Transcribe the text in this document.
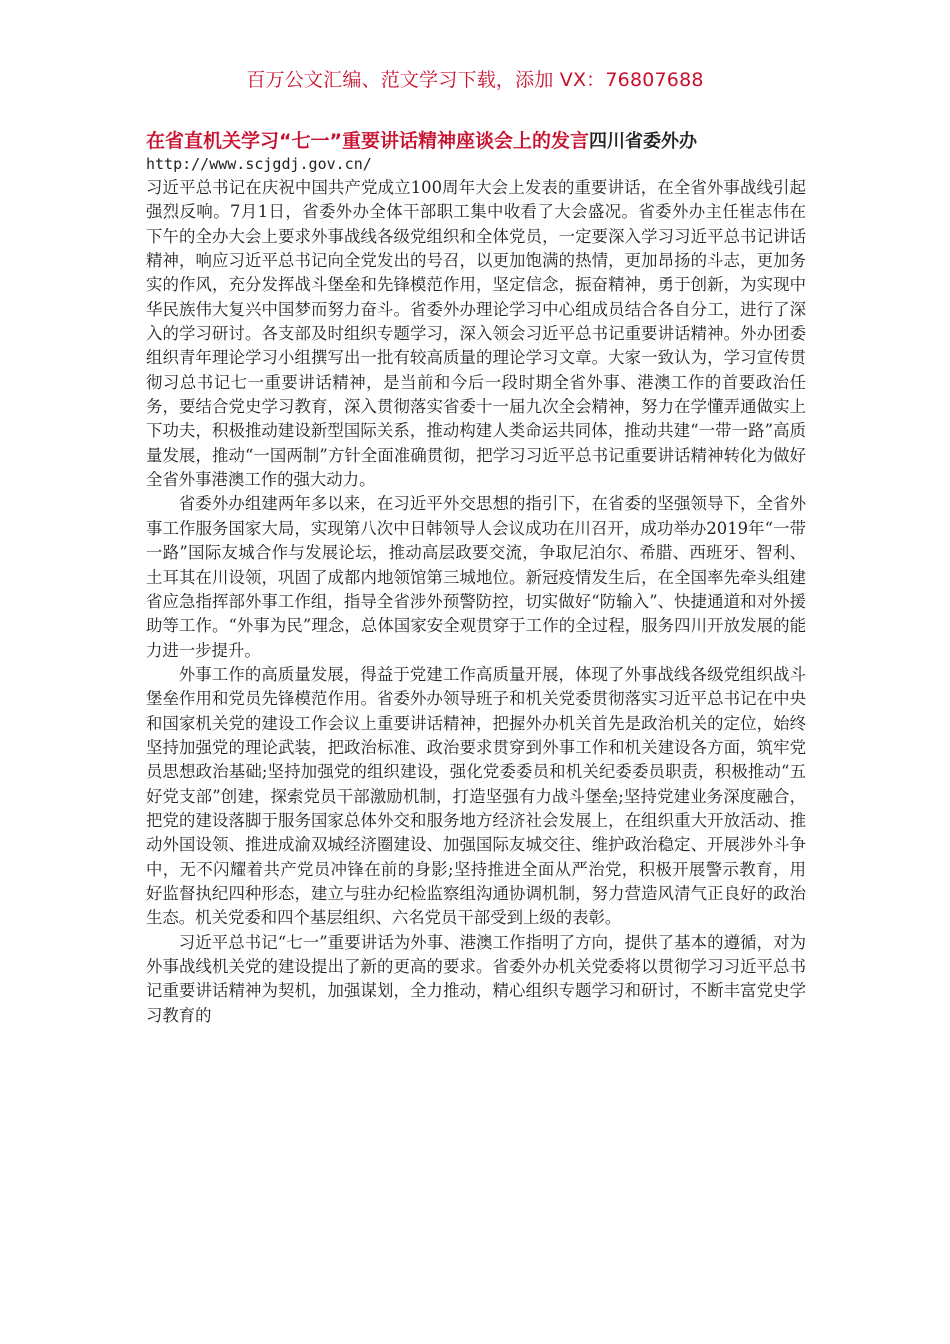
百万公文汇编、范文学习下载，添加 VX：76807688
在省直机关学习“七一”重要讲话精神座谈会上的发言四川省委外办
http://www.scjgdj.gov.cn/

习近平总书记在庆祝中国共产党成立100周年大会上发表的重要讲话，在全省外事战线引起强烈反响。7月1日，省委外办全体干部职工集中收看了大会盛况。省委外办主任崔志伟在下午的全办大会上要求外事战线各级党组织和全体党员，一定要深入学习习近平总书记讲话精神，响应习近平总书记向全党发出的号召，以更加饱满的热情，更加昂扬的斗志，更加务实的作风，充分发挥战斗堡垒和先锋模范作用，坚定信念，振奋精神，勇于创新，为实现中华民族伟大复兴中国梦而努力奋斗。省委外办理论学习中心组成员结合各自分工，进行了深入的学习研讨。各支部及时组织专题学习，深入领会习近平总书记重要讲话精神。外办团委组织青年理论学习小组撰写出一批有较高质量的理论学习文章。大家一致认为，学习宣传贯彻习总书记七一重要讲话精神，是当前和今后一段时期全省外事、港澳工作的首要政治任务，要结合党史学习教育，深入贯彻落实省委十一届九次全会精神，努力在学懂弄通做实上下功夫，积极推动建设新型国际关系，推动构建人类命运共同体，推动共建“一带一路”高质量发展，推动“一国两制”方针全面准确贯彻，把学习习近平总书记重要讲话精神转化为做好全省外事港澳工作的强大动力。

省委外办组建两年多以来，在习近平外交思想的指引下，在省委的坚强领导下，全省外事工作服务国家大局，实现第八次中日韩领导人会议成功在川召开，成功举办2019年“一带一路”国际友城合作与发展论坛，推动高层政要交流，争取尼泊尔、希腊、西班牙、智利、土耳其在川设领，巩固了成都内地领馆第三城地位。新冠疫情发生后，在全国率先牵头组建省应急指挥部外事工作组，指导全省涉外预警防控，切实做好“防输入”、快捷通道和对外援助等工作。“外事为民”理念，总体国家安全观贯穿于工作的全过程，服务四川开放发展的能力进一步提升。

外事工作的高质量发展，得益于党建工作高质量开展，体现了外事战线各级党组织战斗堡垒作用和党员先锋模范作用。省委外办领导班子和机关党委贯彻落实习近平总书记在中央和国家机关党的建设工作会议上重要讲话精神，把握外办机关首先是政治机关的定位，始终坚持加强党的理论武装，把政治标准、政治要求贯穿到外事工作和机关建设各方面，筑牢党员思想政治基础;坚持加强党的组织建设，强化党委委员和机关纪委委员职责，积极推动“五好党支部”创建，探索党员干部激励机制，打造坚强有力战斗堡垒;坚持党建业务深度融合，把党的建设落脚于服务国家总体外交和服务地方经济社会发展上，在组织重大开放活动、推动外国设领、推进成渝双城经济圈建设、加强国际友城交往、维护政治稳定、开展涉外斗争中，无不闪耀着共产党员冲锋在前的身影;坚持推进全面从严治党，积极开展警示教育，用好监督执纪四种形态，建立与驻办纪检监察组沟通协调机制，努力营造风清气正良好的政治生态。机关党委和四个基层组织、六名党员干部受到上级的表彰。

习近平总书记“七一”重要讲话为外事、港澳工作指明了方向，提供了基本的遵循，对为外事战线机关党的建设提出了新的更高的要求。省委外办机关党委将以贯彻学习习近平总书记重要讲话精神为契机，加强谋划，全力推动，精心组织专题学习和研讨，不断丰富党史学习教育的
